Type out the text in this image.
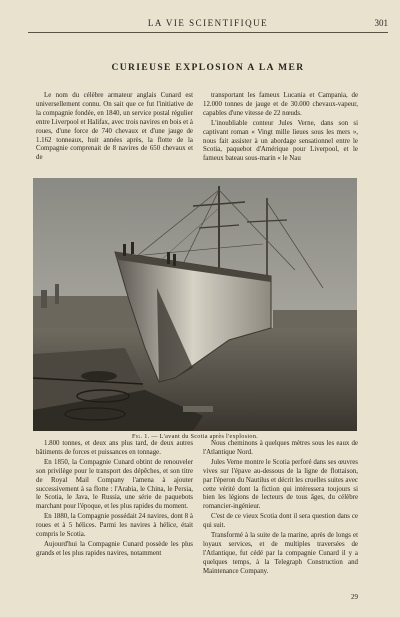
LA VIE SCIENTIFIQUE	301
CURIEUSE EXPLOSION A LA MER

Le nom du célèbre armateur anglais Cunard est universellement connu. On sait que ce fut l'initiative de la compagnie fondée, en 1840, un service postal régulier entre Liverpool et Halifax, avec trois navires en bois et à roues, d'une force de 740 chevaux et d'une jauge de 1.162 tonneaux, huit années après, la flotte de la Compagnie comprenait de 8 navires de 650 chevaux et de

transportant les fameux Lucania et Campania, de 12.000 tonnes de jauge et de 30.000 chevaux-vapeur, capables d'une vitesse de 22 nœuds.

L'inoubliable conteur Jules Verne, dans son si captivant roman « Vingt mille lieues sous les mers », nous fait assister à un abordage sensationnel entre le Scotia, paquebot d'Amérique pour Liverpool, et le fameux bateau sous-marin « le Nau

Fig. 1. — L'avant du Scotia après l'explosion.

1.800 tonnes, et deux ans plus tard, de deux autres bâtiments de forces et puissances en tonnage.

En 1850, la Compagnie Cunard obtint de renouveler son privilège pour le transport des dépêches, et son titre de Royal Mail Company l'amena à ajouter successivement à sa flotte : l'Arabia, le China, le Persia, le Scotia, le Java, le Russia, une série de paquebots marchant pour l'époque, et les plus rapides du moment.

En 1880, la Compagnie possédait 24 navires, dont 8 à roues et à 5 hélices. Parmi les navires à hélice, était compris le Scotia.

Aujourd'hui la Compagnie Cunard possède les plus grands et les plus rapides navires, notamment

Nous cheminons à quelques mètres sous les eaux de l'Atlantique Nord.

Jules Verne montre le Scotia perforé dans ses œuvres vives sur l'épave au-dessous de la ligne de flottaison, par l'éperon du Nautilus et décrit les cruelles suites avec cette vérité dont la fiction qui intéressera toujours si bien les légions de lecteurs de tous âges, du célèbre romancier-ingénieur.

C'est de ce vieux Scotia dont il sera question dans ce qui suit.

Transformé à la suite de la marine, après de longs et loyaux services, et de multiples traversées de l'Atlantique, fut cédé par la compagnie Cunard il y a quelques temps, à la Telegraph Construction and Maintenance Company.

29
